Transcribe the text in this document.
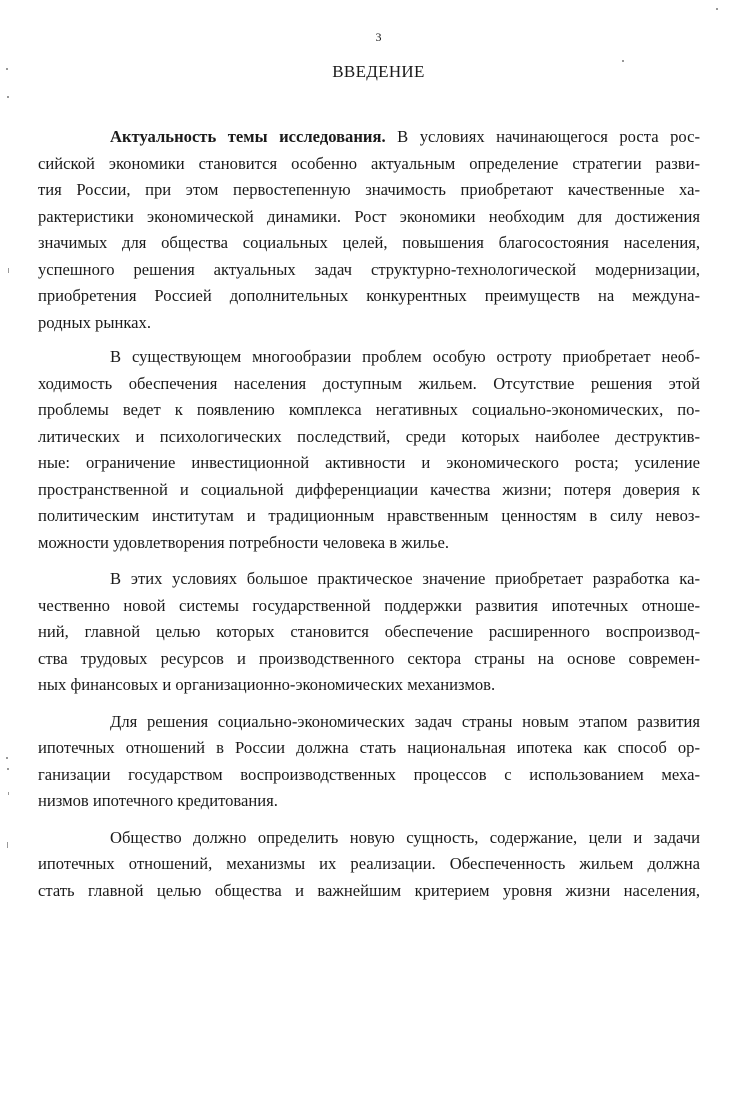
3
ВВЕДЕНИЕ
Актуальность темы исследования. В условиях начинающегося роста рос-
сийской экономики становится особенно актуальным определение стратегии разви-
тия России, при этом первостепенную значимость приобретают качественные ха-
рактеристики экономической динамики. Рост экономики необходим для достижения
значимых для общества социальных целей, повышения благосостояния населения,
успешного решения актуальных задач структурно-технологической модернизации,
приобретения Россией дополнительных конкурентных преимуществ на междуна-
родных рынках.
В существующем многообразии проблем особую остроту приобретает необ-
ходимость обеспечения населения доступным жильем. Отсутствие решения этой
проблемы ведет к появлению комплекса негативных социально-экономических, по-
литических и психологических последствий, среди которых наиболее деструктив-
ные: ограничение инвестиционной активности и экономического роста; усиление
пространственной и социальной дифференциации качества жизни; потеря доверия к
политическим институтам и традиционным нравственным ценностям в силу невоз-
можности удовлетворения потребности человека в жилье.
В этих условиях большое практическое значение приобретает разработка ка-
чественно новой системы государственной поддержки развития ипотечных отноше-
ний, главной целью которых становится обеспечение расширенного воспроизвод-
ства трудовых ресурсов и производственного сектора страны на основе современ-
ных финансовых и организационно-экономических механизмов.
Для решения социально-экономических задач страны новым этапом развития
ипотечных отношений в России должна стать национальная ипотека как способ ор-
ганизации государством воспроизводственных процессов с использованием меха-
низмов ипотечного кредитования.
Общество должно определить новую сущность, содержание, цели и задачи
ипотечных отношений, механизмы их реализации. Обеспеченность жильем должна
стать главной целью общества и важнейшим критерием уровня жизни населения,
